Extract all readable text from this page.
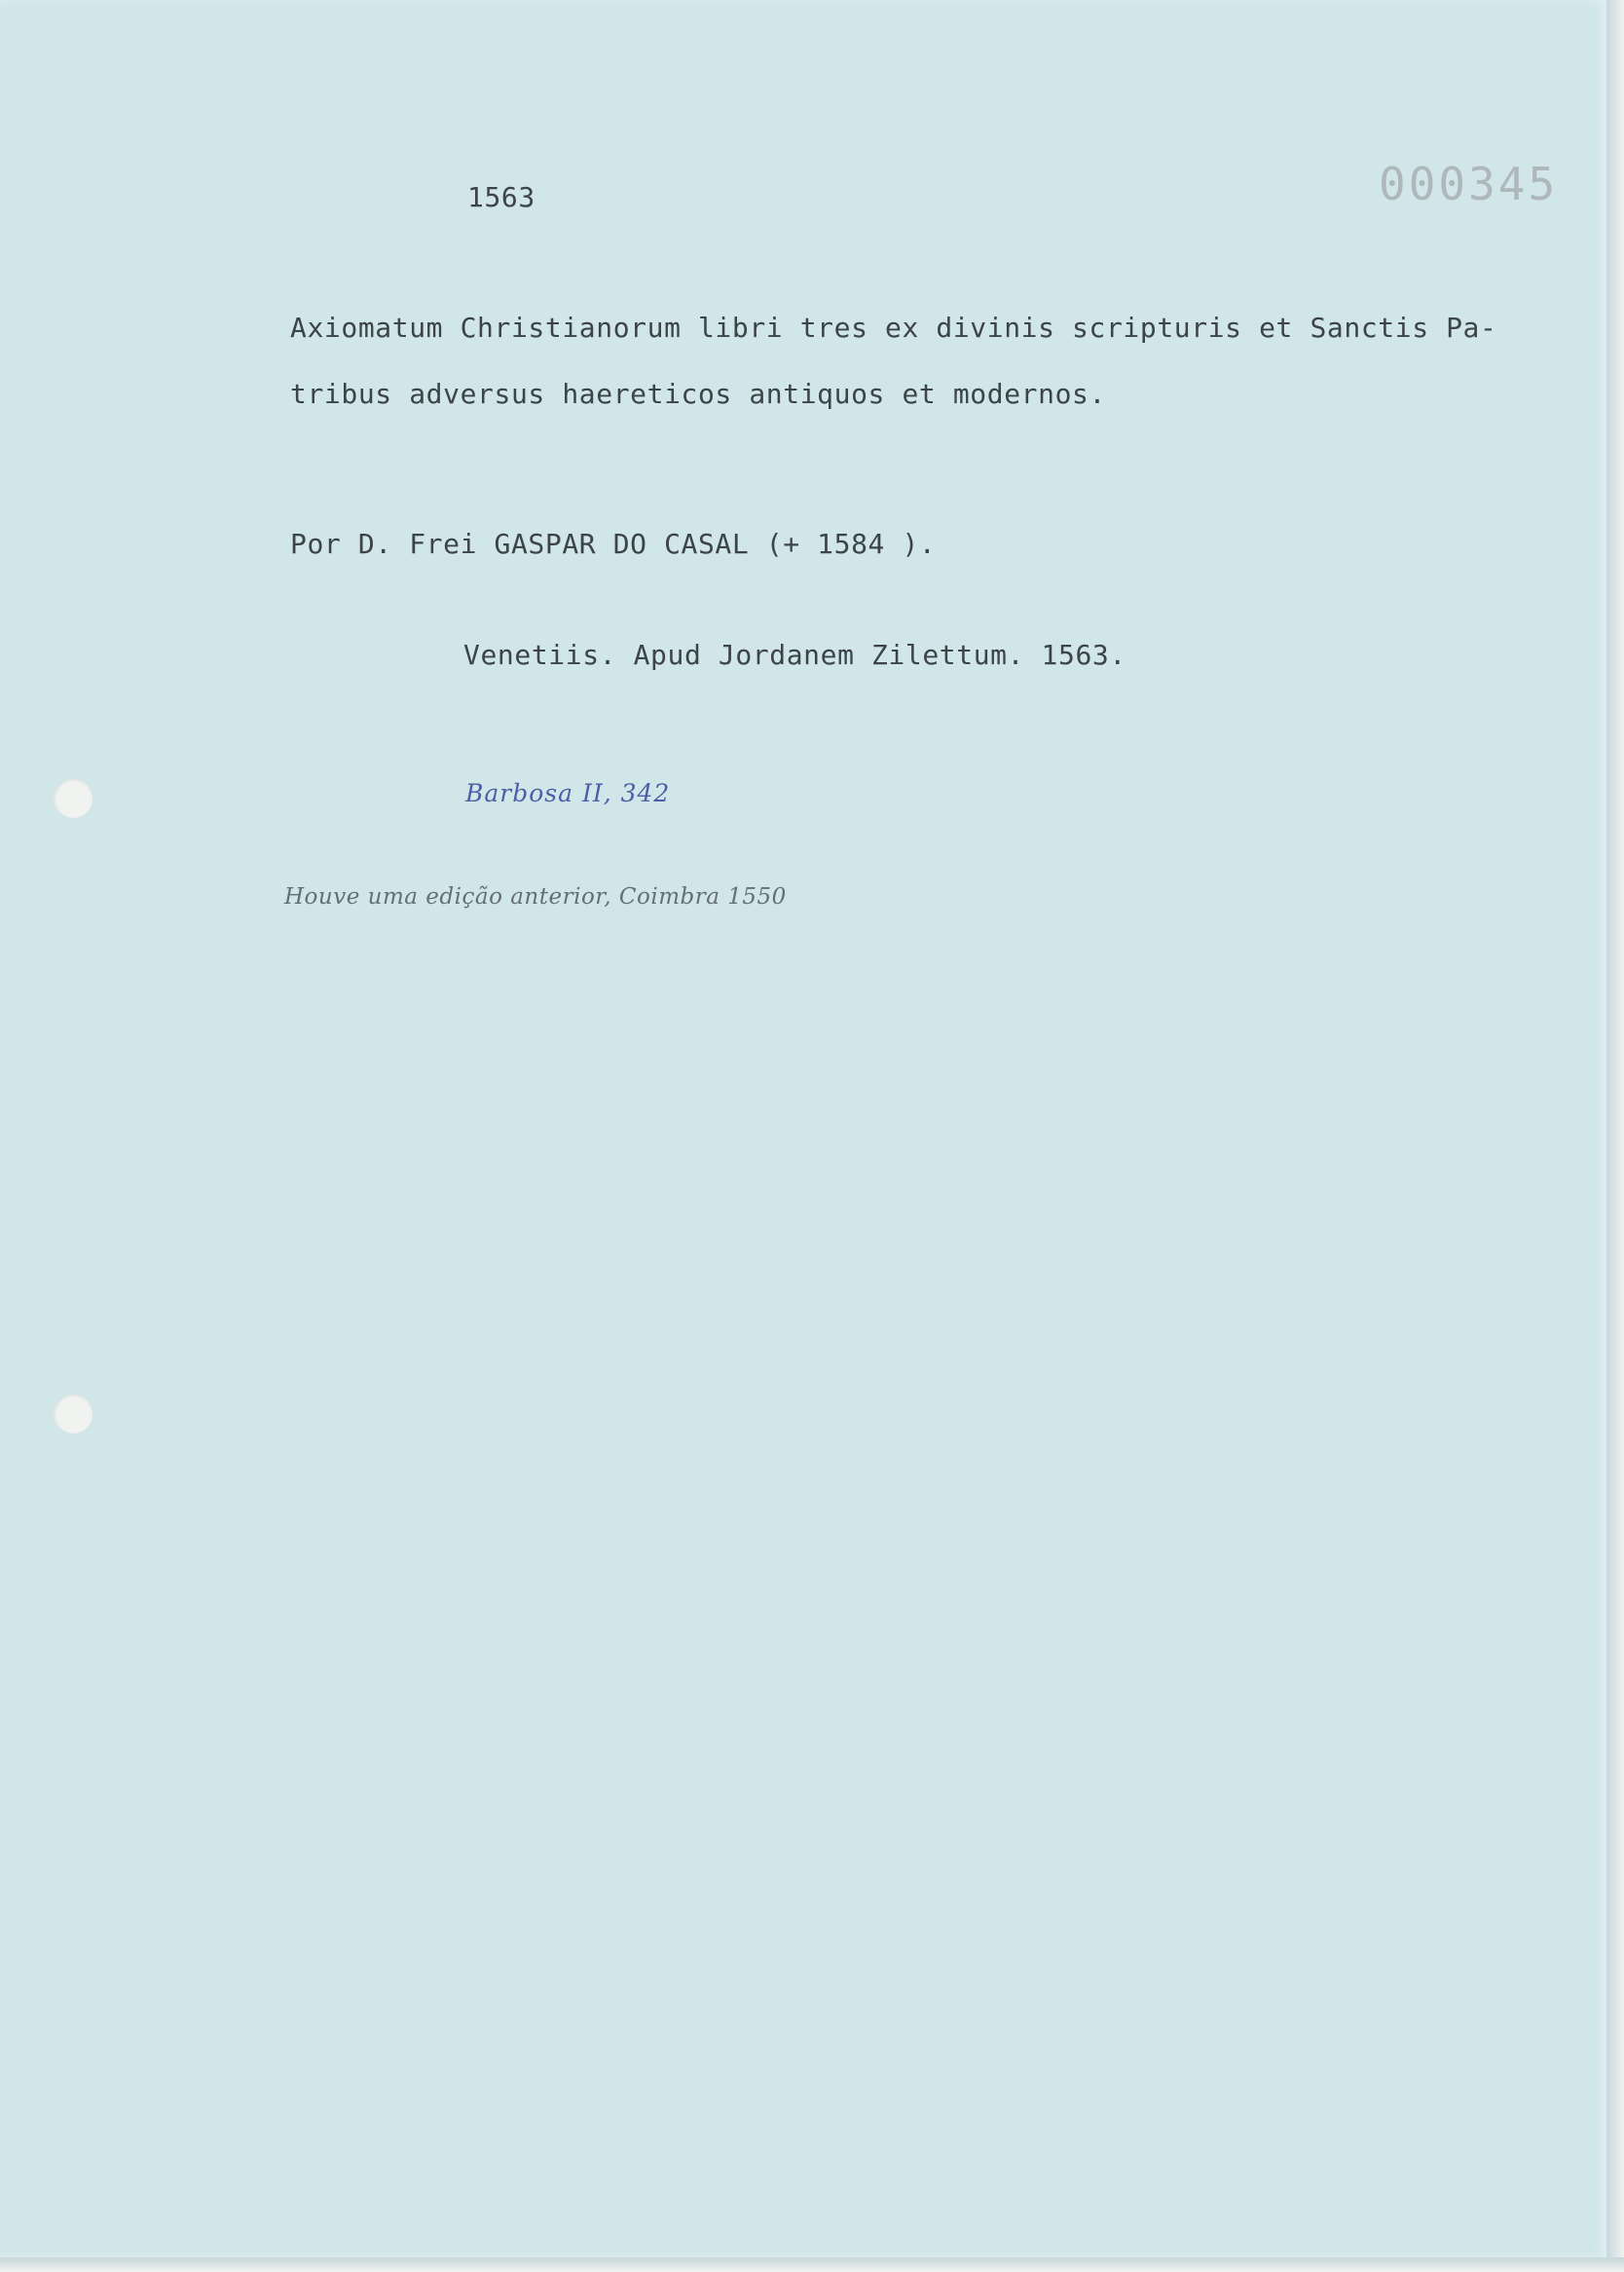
1563	000345
Axiomatum Christianorum libri tres ex divinis scripturis et Sanctis Pa-
tribus adversus haereticos antiquos et modernos.
Por D. Frei GASPAR DO CASAL (+ 1584 ).
Venetiis. Apud Jordanem Zilettum. 1563.
Barbosa II, 342
Houve uma edição anterior, Coimbra 1550
